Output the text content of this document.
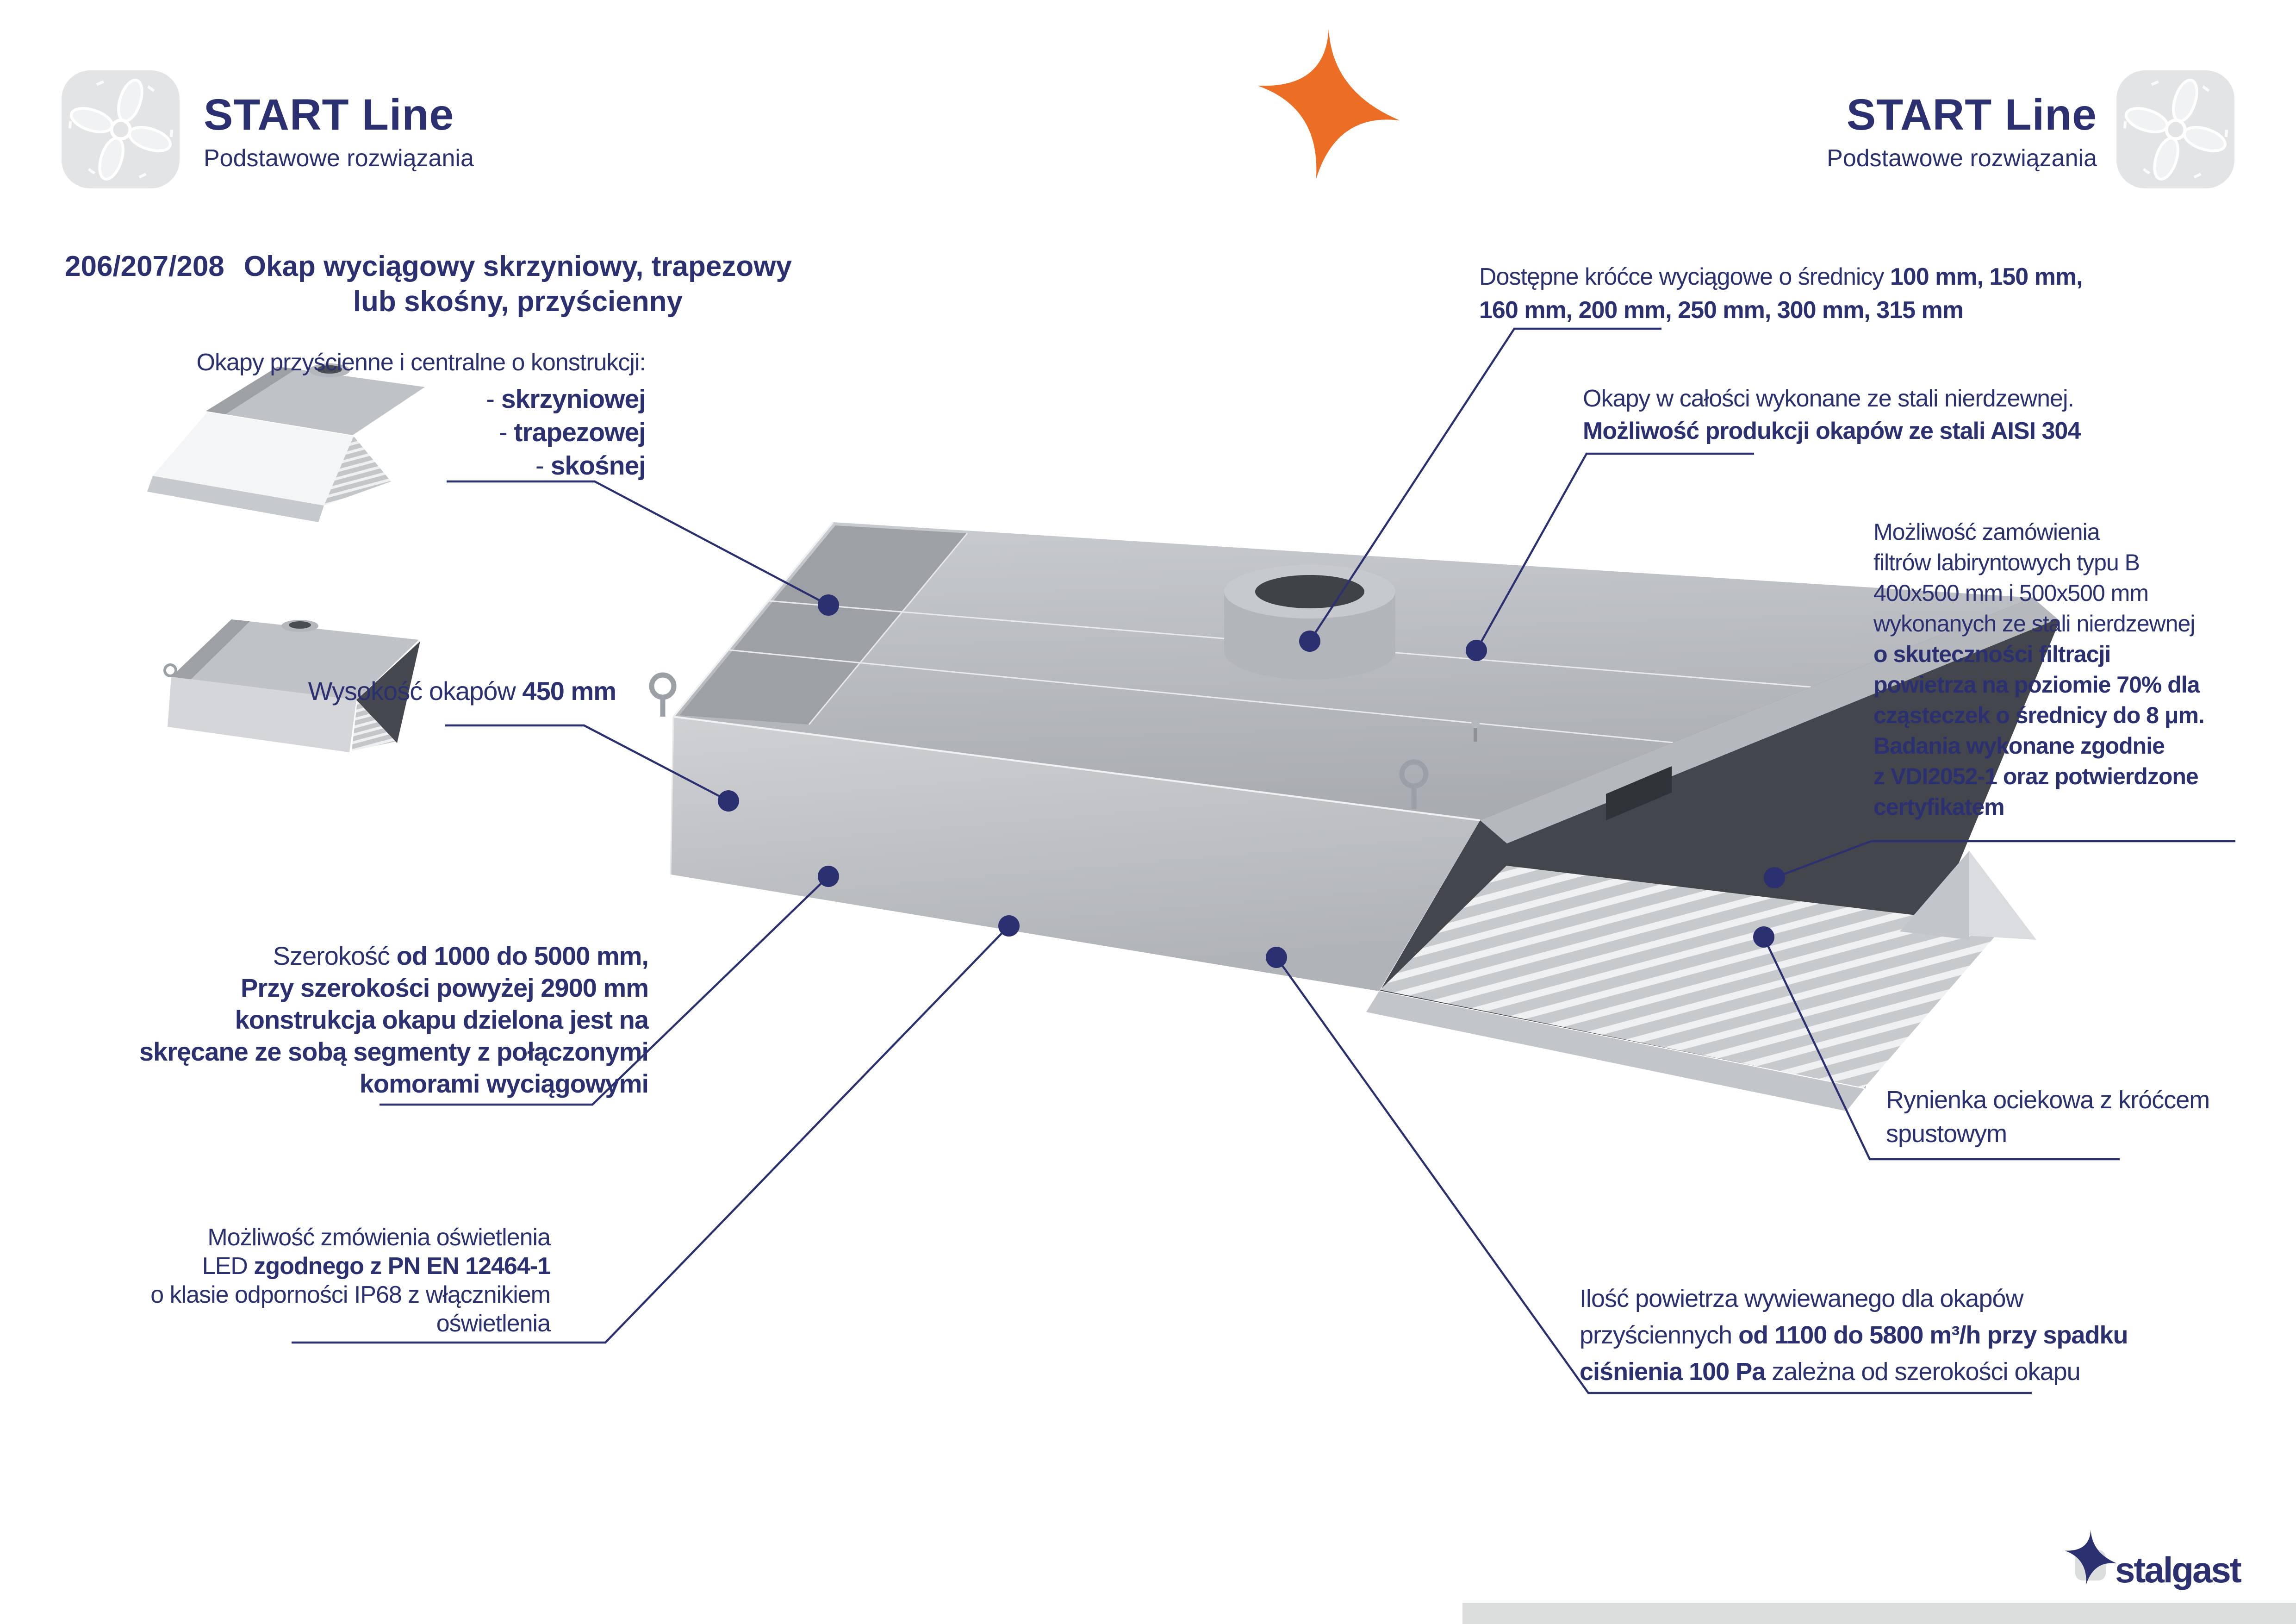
START Line
Podstawowe rozwiązania
START Line
Podstawowe rozwiązania
206/207/208 Okap wyciągowy skrzyniowy, trapezowy
lub skośny, przyścienny
Okapy przyścienne i centralne o konstrukcji:
- skrzyniowej
- trapezowej
- skośnej
Wysokość okapów 450 mm
Szerokość od 1000 do 5000 mm,
Przy szerokości powyżej 2900 mm
konstrukcja okapu dzielona jest na
skręcane ze sobą segmenty z połączonymi
komorami wyciągowymi
Możliwość zmówienia oświetlenia
LED zgodnego z PN EN 12464-1
o klasie odporności IP68 z włącznikiem
oświetlenia
Dostępne króćce wyciągowe o średnicy 100 mm, 150 mm,
160 mm, 200 mm, 250 mm, 300 mm, 315 mm
Okapy w całości wykonane ze stali nierdzewnej.
Możliwość produkcji okapów ze stali AISI 304
Możliwość zamówienia
filtrów labiryntowych typu B
400x500 mm i 500x500 mm
wykonanych ze stali nierdzewnej
o skuteczności filtracji
powietrza na poziomie 70% dla
cząsteczek o średnicy do 8 μm.
Badania wykonane zgodnie
z VDI2052-1 oraz potwierdzone
certyfikatem
Rynienka ociekowa z króćcem
spustowym
Ilość powietrza wywiewanego dla okapów
przyściennych od 1100 do 5800 m³/h przy spadku
ciśnienia 100 Pa zależna od szerokości okapu
stalgast
